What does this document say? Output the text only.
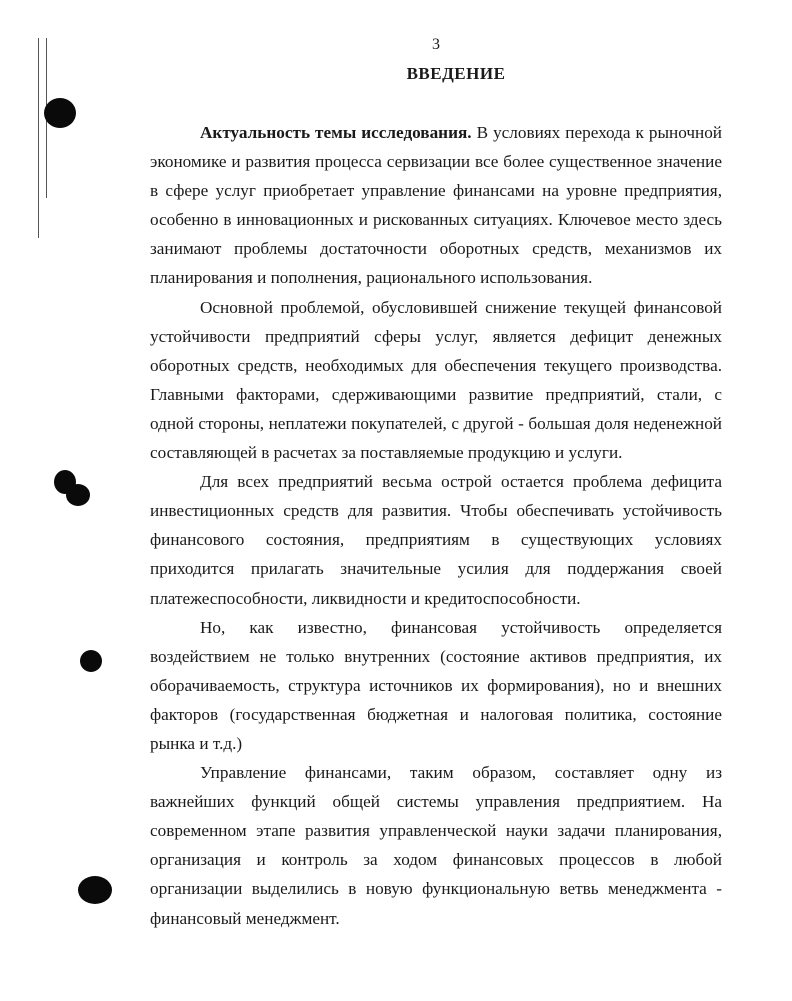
3
ВВЕДЕНИЕ

Актуальность темы исследования. В условиях перехода к рыночной
экономике и развития процесса сервизации все более существенное значение
в сфере услуг приобретает управление финансами на уровне предприятия,
особенно в инновационных и рискованных ситуациях. Ключевое место здесь
занимают проблемы достаточности оборотных средств, механизмов их
планирования и пополнения, рационального использования.

Основной проблемой, обусловившей снижение текущей финансовой
устойчивости предприятий сферы услуг, является дефицит денежных
оборотных средств, необходимых для обеспечения текущего производства.
Главными факторами, сдерживающими развитие предприятий, стали, с
одной стороны, неплатежи покупателей, с другой - большая доля неденежной
составляющей в расчетах за поставляемые продукцию и услуги.

Для всех предприятий весьма острой остается проблема дефицита
инвестиционных средств для развития. Чтобы обеспечивать устойчивость
финансового состояния, предприятиям в существующих условиях
приходится прилагать значительные усилия для поддержания своей
платежеспособности, ликвидности и кредитоспособности.

Но, как известно, финансовая устойчивость определяется
воздействием не только внутренних (состояние активов предприятия, их
оборачиваемость, структура источников их формирования), но и внешних
факторов (государственная бюджетная и налоговая политика, состояние
рынка и т.д.)

Управление финансами, таким образом, составляет одну из
важнейших функций общей системы управления предприятием. На
современном этапе развития управленческой науки задачи планирования,
организация и контроль за ходом финансовых процессов в любой
организации выделились в новую функциональную ветвь менеджмента -
финансовый менеджмент.
